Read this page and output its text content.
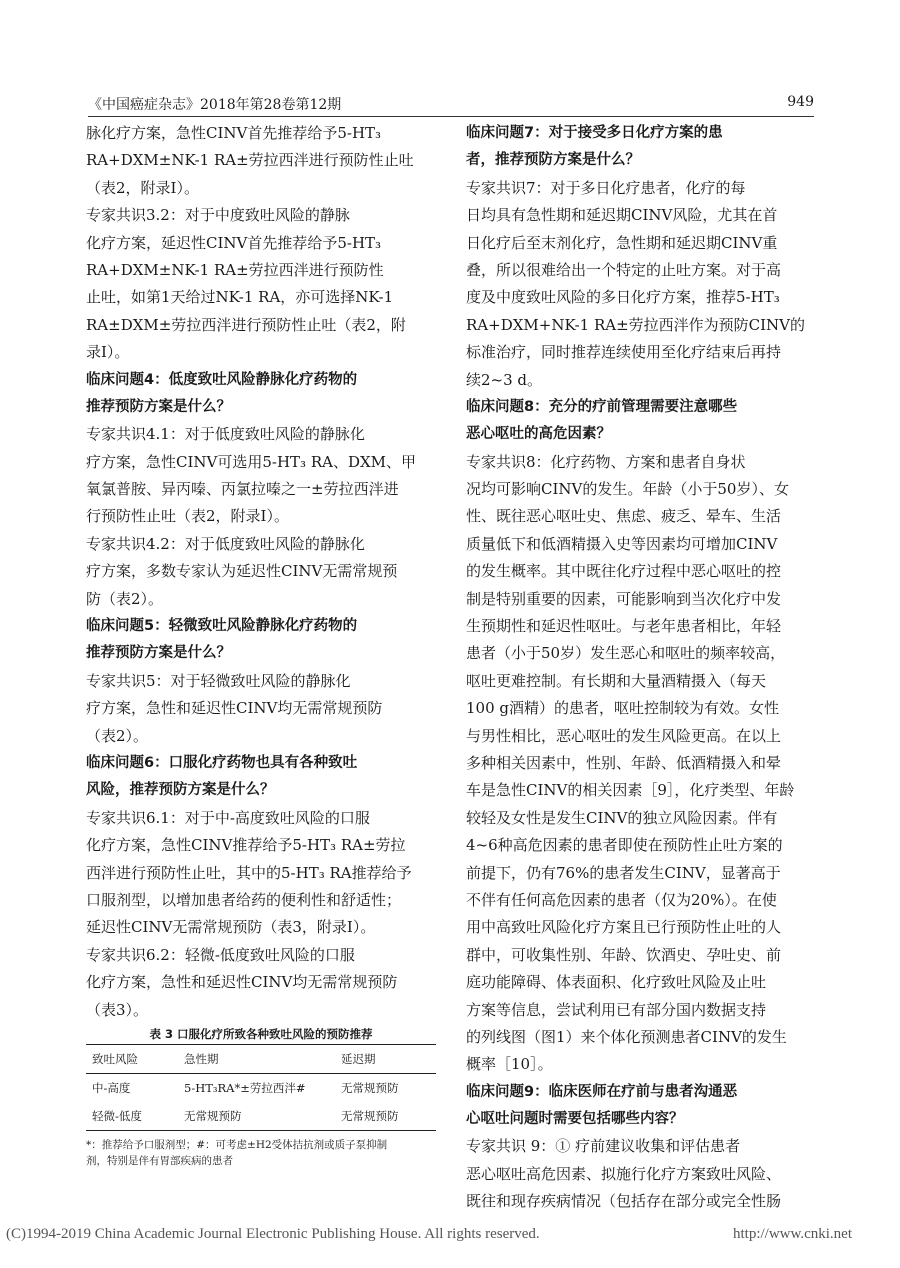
《中国癌症杂志》2018年第28卷第12期	949
脉化疗方案，急性CINV首先推荐给予5-HT₃
RA+DXM±NK-1 RA±劳拉西泮进行预防性止吐
（表2，附录Ⅰ）。
专家共识3.2：对于中度致吐风险的静脉
化疗方案，延迟性CINV首先推荐给予5-HT₃
RA+DXM±NK-1 RA±劳拉西泮进行预防性
止吐，如第1天给过NK-1 RA，亦可选择NK-1
RA±DXM±劳拉西泮进行预防性止吐（表2，附
录Ⅰ）。
临床问题4：低度致吐风险静脉化疗药物的
推荐预防方案是什么？
专家共识4.1：对于低度致吐风险的静脉化
疗方案，急性CINV可选用5-HT₃ RA、DXM、甲
氧氯普胺、异丙嗪、丙氯拉嗪之一±劳拉西泮进
行预防性止吐（表2，附录Ⅰ）。
专家共识4.2：对于低度致吐风险的静脉化
疗方案，多数专家认为延迟性CINV无需常规预
防（表2）。
临床问题5：轻微致吐风险静脉化疗药物的
推荐预防方案是什么？
专家共识5：对于轻微致吐风险的静脉化
疗方案，急性和延迟性CINV均无需常规预防
（表2）。
临床问题6：口服化疗药物也具有各种致吐
风险，推荐预防方案是什么？
专家共识6.1：对于中-高度致吐风险的口服
化疗方案，急性CINV推荐给予5-HT₃ RA±劳拉
西泮进行预防性止吐，其中的5-HT₃ RA推荐给予
口服剂型，以增加患者给药的便利性和舒适性；
延迟性CINV无需常规预防（表3，附录Ⅰ）。
专家共识6.2：轻微-低度致吐风险的口服
化疗方案，急性和延迟性CINV均无需常规预防
（表3）。
临床问题7：对于接受多日化疗方案的患
者，推荐预防方案是什么？
专家共识7：对于多日化疗患者，化疗的每
日均具有急性期和延迟期CINV风险，尤其在首
日化疗后至末剂化疗，急性期和延迟期CINV重
叠，所以很难给出一个特定的止吐方案。对于高
度及中度致吐风险的多日化疗方案，推荐5-HT₃
RA+DXM+NK-1 RA±劳拉西泮作为预防CINV的
标准治疗，同时推荐连续使用至化疗结束后再持
续2~3 d。
临床问题8：充分的疗前管理需要注意哪些
恶心呕吐的高危因素？
专家共识8：化疗药物、方案和患者自身状
况均可影响CINV的发生。年龄（小于50岁）、女
性、既往恶心呕吐史、焦虑、疲乏、晕车、生活
质量低下和低酒精摄入史等因素均可增加CINV
的发生概率。其中既往化疗过程中恶心呕吐的控
制是特别重要的因素，可能影响到当次化疗中发
生预期性和延迟性呕吐。与老年患者相比，年轻
患者（小于50岁）发生恶心和呕吐的频率较高，
呕吐更难控制。有长期和大量酒精摄入（每天
100 g酒精）的患者，呕吐控制较为有效。女性
与男性相比，恶心呕吐的发生风险更高。在以上
多种相关因素中，性别、年龄、低酒精摄入和晕
车是急性CINV的相关因素［9］，化疗类型、年龄
较轻及女性是发生CINV的独立风险因素。伴有
4~6种高危因素的患者即使在预防性止吐方案的
前提下，仍有76%的患者发生CINV，显著高于
不伴有任何高危因素的患者（仅为20%）。在使
用中高致吐风险化疗方案且已行预防性止吐的人
群中，可收集性别、年龄、饮酒史、孕吐史、前
庭功能障碍、体表面积、化疗致吐风险及止吐
方案等信息，尝试利用已有部分国内数据支持
的列线图（图1）来个体化预测患者CINV的发生
概率［10］。
临床问题9：临床医师在疗前与患者沟通恶
心呕吐问题时需要包括哪些内容？
专家共识 9：① 疗前建议收集和评估患者
恶心呕吐高危因素、拟施行化疗方案致吐风险、
既往和现存疾病情况（包括存在部分或完全性肠
表 3 口服化疗所致各种致吐风险的预防推荐
致吐风险	急性期	延迟期
中-高度	5-HT₃RA*±劳拉西泮#	无常规预防
轻微-低度	无常规预防	无常规预防
*：推荐给予口服剂型；#：可考虑±H2受体拮抗剂或质子泵抑制
剂，特别是伴有胃部疾病的患者
(C)1994-2019 China Academic Journal Electronic Publishing House. All rights reserved.	http://www.cnki.net
